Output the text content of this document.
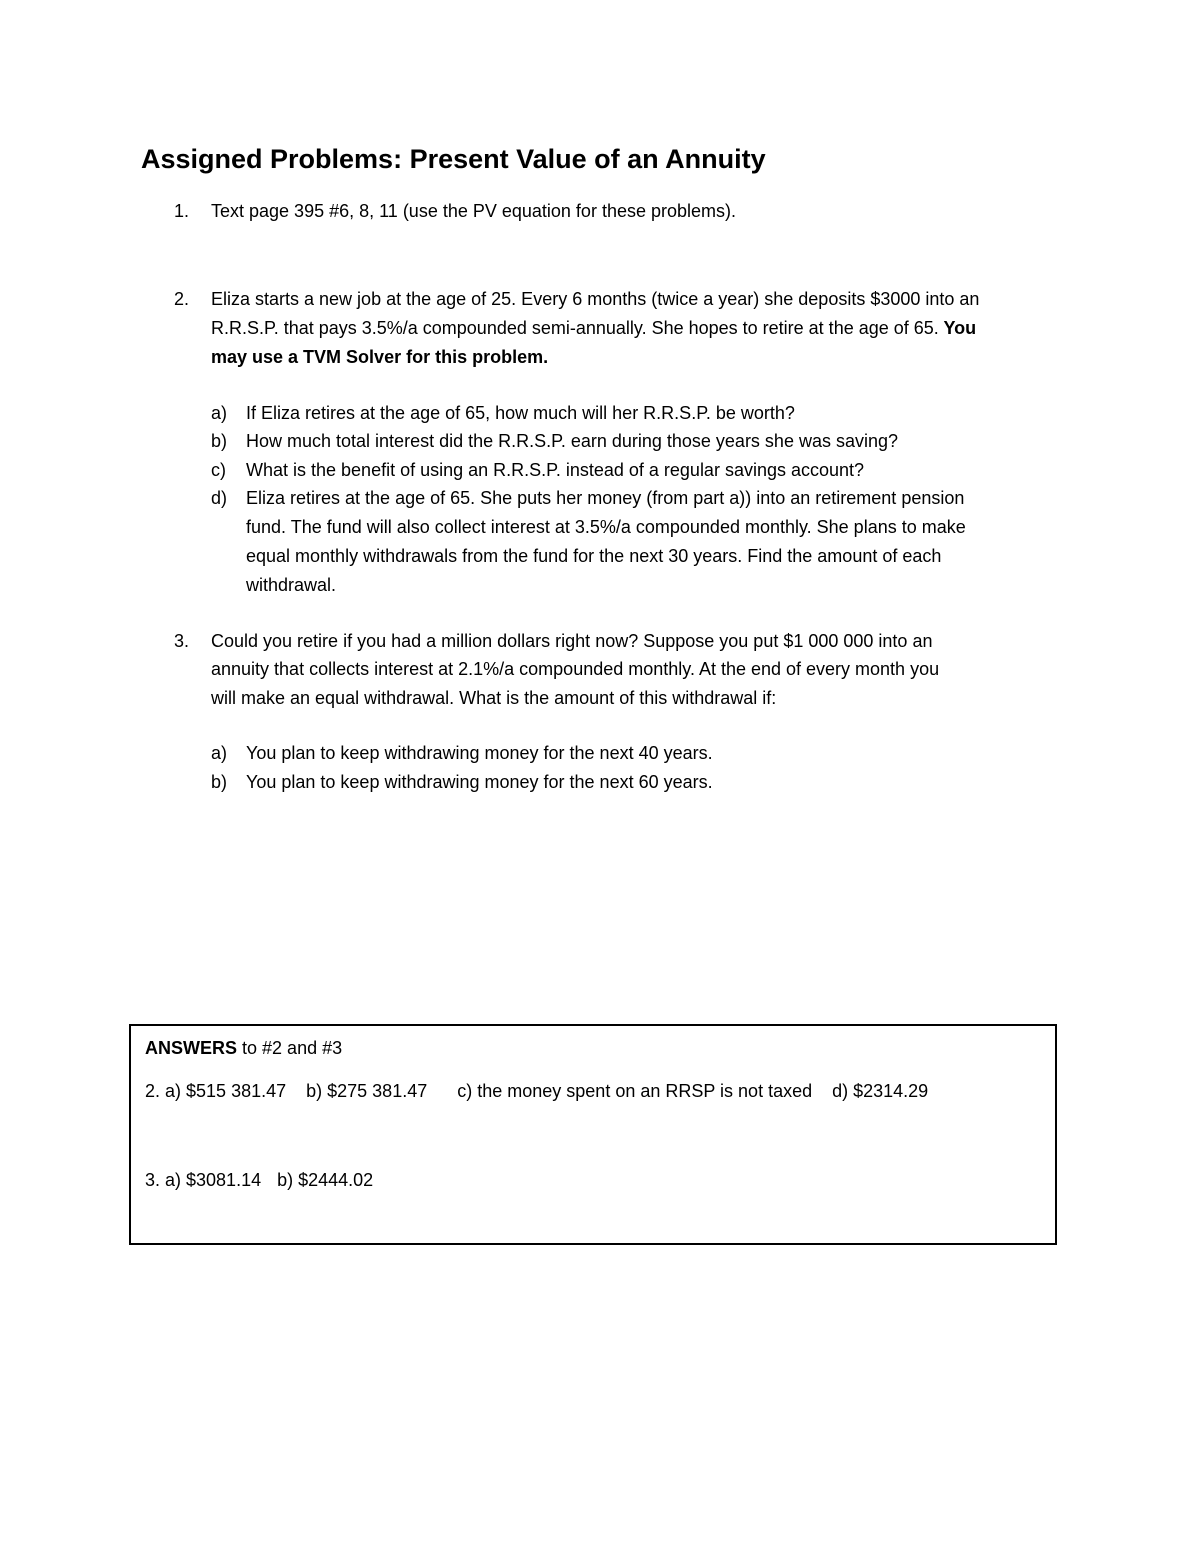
Assigned Problems: Present Value of an Annuity
1.	Text page 395 #6, 8, 11 (use the PV equation for these problems).
2.	Eliza starts a new job at the age of 25. Every 6 months (twice a year) she deposits $3000 into an
R.R.S.P. that pays 3.5%/a compounded semi-annually. She hopes to retire at the age of 65. You
may use a TVM Solver for this problem.
a)	If Eliza retires at the age of 65, how much will her R.R.S.P. be worth?
b)	How much total interest did the R.R.S.P. earn during those years she was saving?
c)	What is the benefit of using an R.R.S.P. instead of a regular savings account?
d)	Eliza retires at the age of 65. She puts her money (from part a)) into an retirement pension
fund. The fund will also collect interest at 3.5%/a compounded monthly. She plans to make
equal monthly withdrawals from the fund for the next 30 years. Find the amount of each
withdrawal.
3.	Could you retire if you had a million dollars right now? Suppose you put $1 000 000 into an
annuity that collects interest at 2.1%/a compounded monthly. At the end of every month you
will make an equal withdrawal. What is the amount of this withdrawal if:
a)	You plan to keep withdrawing money for the next 40 years.
b)	You plan to keep withdrawing money for the next 60 years.
ANSWERS to #2 and #3
2. a) $515 381.47 b) $275 381.47 c) the money spent on an RRSP is not taxed d) $2314.29
3. a) $3081.14 b) $2444.02
